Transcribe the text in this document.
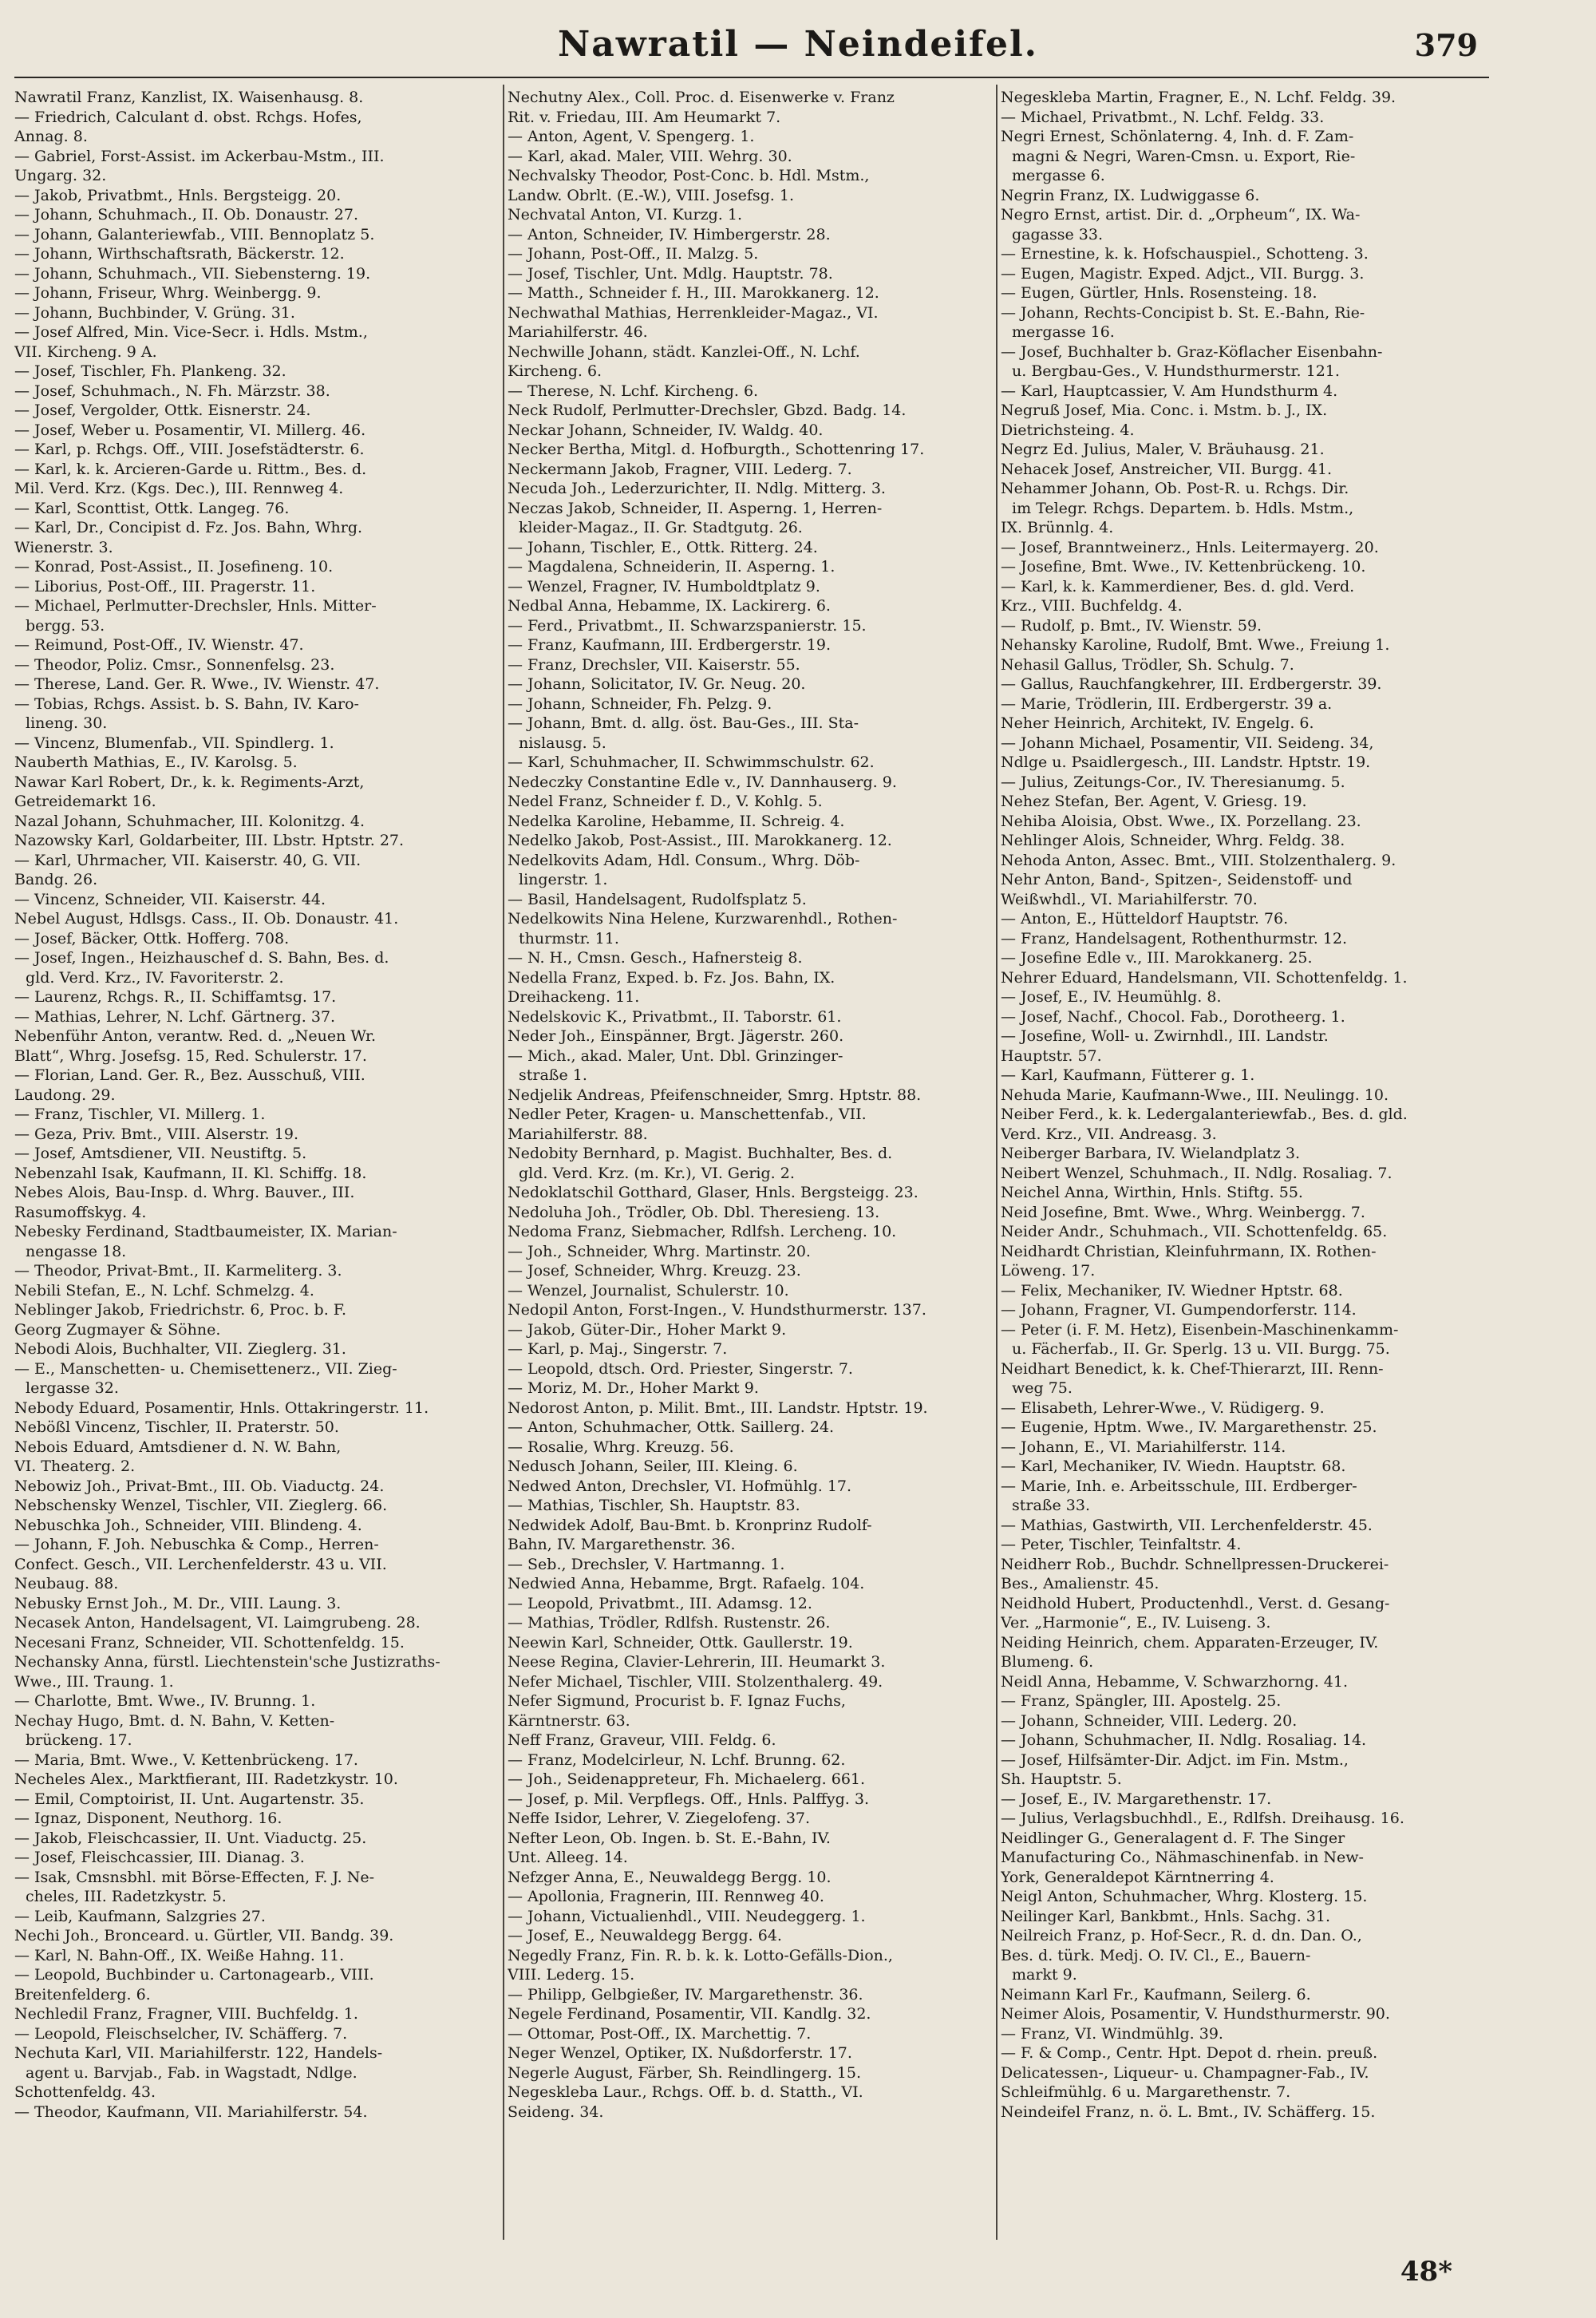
Nawratil — Neindeifel.	379

Nawratil Franz, Kanzlist, IX. Waisenhausg. 8.

— Friedrich, Calculant d. obst. Rchgs. Hofes,

Annag. 8.

— Gabriel, Forst-Assist. im Ackerbau-Mstm., III.

Ungarg. 32.

— Jakob, Privatbmt., Hnls. Bergsteigg. 20.

— Johann, Schuhmach., II. Ob. Donaustr. 27.

— Johann, Galanteriewfab., VIII. Bennoplatz 5.

— Johann, Wirthschaftsrath, Bäckerstr. 12.

— Johann, Schuhmach., VII. Siebensterng. 19.

— Johann, Friseur, Whrg. Weinbergg. 9.

— Johann, Buchbinder, V. Grüng. 31.

— Josef Alfred, Min. Vice-Secr. i. Hdls. Mstm.,

VII. Kircheng. 9 A.

— Josef, Tischler, Fh. Plankeng. 32.

— Josef, Schuhmach., N. Fh. Märzstr. 38.

— Josef, Vergolder, Ottk. Eisnerstr. 24.

— Josef, Weber u. Posamentir, VI. Millerg. 46.

— Karl, p. Rchgs. Off., VIII. Josefstädterstr. 6.

— Karl, k. k. Arcieren-Garde u. Rittm., Bes. d.

Mil. Verd. Krz. (Kgs. Dec.), III. Rennweg 4.

— Karl, Sconttist, Ottk. Langeg. 76.

— Karl, Dr., Concipist d. Fz. Jos. Bahn, Whrg.

Wienerstr. 3.

— Konrad, Post-Assist., II. Josefineng. 10.

— Liborius, Post-Off., III. Pragerstr. 11.

— Michael, Perlmutter-Drechsler, Hnls. Mitter-

bergg. 53.

— Reimund, Post-Off., IV. Wienstr. 47.

— Theodor, Poliz. Cmsr., Sonnenfelsg. 23.

— Therese, Land. Ger. R. Wwe., IV. Wienstr. 47.

— Tobias, Rchgs. Assist. b. S. Bahn, IV. Karo-

lineng. 30.

— Vincenz, Blumenfab., VII. Spindlerg. 1.

Nauberth Mathias, E., IV. Karolsg. 5.

Nawar Karl Robert, Dr., k. k. Regiments-Arzt,

Getreidemarkt 16.

Nazal Johann, Schuhmacher, III. Kolonitzg. 4.

Nazowsky Karl, Goldarbeiter, III. Lbstr. Hptstr. 27.

— Karl, Uhrmacher, VII. Kaiserstr. 40, G. VII.

Bandg. 26.

— Vincenz, Schneider, VII. Kaiserstr. 44.

Nebel August, Hdlsgs. Cass., II. Ob. Donaustr. 41.

— Josef, Bäcker, Ottk. Hofferg. 708.

— Josef, Ingen., Heizhauschef d. S. Bahn, Bes. d.

gld. Verd. Krz., IV. Favoriterstr. 2.

— Laurenz, Rchgs. R., II. Schiffamtsg. 17.

— Mathias, Lehrer, N. Lchf. Gärtnerg. 37.

Nebenführ Anton, verantw. Red. d. „Neuen Wr.

Blatt“, Whrg. Josefsg. 15, Red. Schulerstr. 17.

— Florian, Land. Ger. R., Bez. Ausschuß, VIII.

Laudong. 29.

— Franz, Tischler, VI. Millerg. 1.

— Geza, Priv. Bmt., VIII. Alserstr. 19.

— Josef, Amtsdiener, VII. Neustiftg. 5.

Nebenzahl Isak, Kaufmann, II. Kl. Schiffg. 18.

Nebes Alois, Bau-Insp. d. Whrg. Bauver., III.

Rasumoffskyg. 4.

Nebesky Ferdinand, Stadtbaumeister, IX. Marian-

nengasse 18.

— Theodor, Privat-Bmt., II. Karmeliterg. 3.

Nebili Stefan, E., N. Lchf. Schmelzg. 4.

Neblinger Jakob, Friedrichstr. 6, Proc. b. F.

Georg Zugmayer & Söhne.

Nebodi Alois, Buchhalter, VII. Zieglerg. 31.

— E., Manschetten- u. Chemisettenerz., VII. Zieg-

lergasse 32.

Nebody Eduard, Posamentir, Hnls. Ottakringerstr. 11.

Nebößl Vincenz, Tischler, II. Praterstr. 50.

Nebois Eduard, Amtsdiener d. N. W. Bahn,

VI. Theaterg. 2.

Nebowiz Joh., Privat-Bmt., III. Ob. Viaductg. 24.

Nebschensky Wenzel, Tischler, VII. Zieglerg. 66.

Nebuschka Joh., Schneider, VIII. Blindeng. 4.

— Johann, F. Joh. Nebuschka & Comp., Herren-

Confect. Gesch., VII. Lerchenfelderstr. 43 u. VII.

Neubaug. 88.

Nebusky Ernst Joh., M. Dr., VIII. Laung. 3.

Necasek Anton, Handelsagent, VI. Laimgrubeng. 28.

Necesani Franz, Schneider, VII. Schottenfeldg. 15.

Nechansky Anna, fürstl. Liechtenstein'sche Justizraths-

Wwe., III. Traung. 1.

— Charlotte, Bmt. Wwe., IV. Brunng. 1.

Nechay Hugo, Bmt. d. N. Bahn, V. Ketten-

brückeng. 17.

— Maria, Bmt. Wwe., V. Kettenbrückeng. 17.

Necheles Alex., Marktfierant, III. Radetzkystr. 10.

— Emil, Comptoirist, II. Unt. Augartenstr. 35.

— Ignaz, Disponent, Neuthorg. 16.

— Jakob, Fleischcassier, II. Unt. Viaductg. 25.

— Josef, Fleischcassier, III. Dianag. 3.

— Isak, Cmsnsbhl. mit Börse-Effecten, F. J. Ne-

cheles, III. Radetzkystr. 5.

— Leib, Kaufmann, Salzgries 27.

Nechi Joh., Bronceard. u. Gürtler, VII. Bandg. 39.

— Karl, N. Bahn-Off., IX. Weiße Hahng. 11.

— Leopold, Buchbinder u. Cartonagearb., VIII.

Breitenfelderg. 6.

Nechledil Franz, Fragner, VIII. Buchfeldg. 1.

— Leopold, Fleischselcher, IV. Schäfferg. 7.

Nechuta Karl, VII. Mariahilferstr. 122, Handels-

agent u. Barvjab., Fab. in Wagstadt, Ndlge.

Schottenfeldg. 43.

— Theodor, Kaufmann, VII. Mariahilferstr. 54.

Nechutny Alex., Coll. Proc. d. Eisenwerke v. Franz

Rit. v. Friedau, III. Am Heumarkt 7.

— Anton, Agent, V. Spengerg. 1.

— Karl, akad. Maler, VIII. Wehrg. 30.

Nechvalsky Theodor, Post-Conc. b. Hdl. Mstm.,

Landw. Obrlt. (E.-W.), VIII. Josefsg. 1.

Nechvatal Anton, VI. Kurzg. 1.

— Anton, Schneider, IV. Himbergerstr. 28.

— Johann, Post-Off., II. Malzg. 5.

— Josef, Tischler, Unt. Mdlg. Hauptstr. 78.

— Matth., Schneider f. H., III. Marokkanerg. 12.

Nechwathal Mathias, Herrenkleider-Magaz., VI.

Mariahilferstr. 46.

Nechwille Johann, städt. Kanzlei-Off., N. Lchf.

Kircheng. 6.

— Therese, N. Lchf. Kircheng. 6.

Neck Rudolf, Perlmutter-Drechsler, Gbzd. Badg. 14.

Neckar Johann, Schneider, IV. Waldg. 40.

Necker Bertha, Mitgl. d. Hofburgth., Schottenring 17.

Neckermann Jakob, Fragner, VIII. Lederg. 7.

Necuda Joh., Lederzurichter, II. Ndlg. Mitterg. 3.

Neczas Jakob, Schneider, II. Asperng. 1, Herren-

kleider-Magaz., II. Gr. Stadtgutg. 26.

— Johann, Tischler, E., Ottk. Ritterg. 24.

— Magdalena, Schneiderin, II. Asperng. 1.

— Wenzel, Fragner, IV. Humboldtplatz 9.

Nedbal Anna, Hebamme, IX. Lackirerg. 6.

— Ferd., Privatbmt., II. Schwarzspanierstr. 15.

— Franz, Kaufmann, III. Erdbergerstr. 19.

— Franz, Drechsler, VII. Kaiserstr. 55.

— Johann, Solicitator, IV. Gr. Neug. 20.

— Johann, Schneider, Fh. Pelzg. 9.

— Johann, Bmt. d. allg. öst. Bau-Ges., III. Sta-

nislausg. 5.

— Karl, Schuhmacher, II. Schwimmschulstr. 62.

Nedeczky Constantine Edle v., IV. Dannhauserg. 9.

Nedel Franz, Schneider f. D., V. Kohlg. 5.

Nedelka Karoline, Hebamme, II. Schreig. 4.

Nedelko Jakob, Post-Assist., III. Marokkanerg. 12.

Nedelkovits Adam, Hdl. Consum., Whrg. Döb-

lingerstr. 1.

— Basil, Handelsagent, Rudolfsplatz 5.

Nedelkowits Nina Helene, Kurzwarenhdl., Rothen-

thurmstr. 11.

— N. H., Cmsn. Gesch., Hafnersteig 8.

Nedella Franz, Exped. b. Fz. Jos. Bahn, IX.

Dreihackeng. 11.

Nedelskovic K., Privatbmt., II. Taborstr. 61.

Neder Joh., Einspänner, Brgt. Jägerstr. 260.

— Mich., akad. Maler, Unt. Dbl. Grinzinger-

straße 1.

Nedjelik Andreas, Pfeifenschneider, Smrg. Hptstr. 88.

Nedler Peter, Kragen- u. Manschettenfab., VII.

Mariahilferstr. 88.

Nedobity Bernhard, p. Magist. Buchhalter, Bes. d.

gld. Verd. Krz. (m. Kr.), VI. Gerig. 2.

Nedoklatschil Gotthard, Glaser, Hnls. Bergsteigg. 23.

Nedoluha Joh., Trödler, Ob. Dbl. Theresieng. 13.

Nedoma Franz, Siebmacher, Rdlfsh. Lercheng. 10.

— Joh., Schneider, Whrg. Martinstr. 20.

— Josef, Schneider, Whrg. Kreuzg. 23.

— Wenzel, Journalist, Schulerstr. 10.

Nedopil Anton, Forst-Ingen., V. Hundsthurmerstr. 137.

— Jakob, Güter-Dir., Hoher Markt 9.

— Karl, p. Maj., Singerstr. 7.

— Leopold, dtsch. Ord. Priester, Singerstr. 7.

— Moriz, M. Dr., Hoher Markt 9.

Nedorost Anton, p. Milit. Bmt., III. Landstr. Hptstr. 19.

— Anton, Schuhmacher, Ottk. Saillerg. 24.

— Rosalie, Whrg. Kreuzg. 56.

Nedusch Johann, Seiler, III. Kleing. 6.

Nedwed Anton, Drechsler, VI. Hofmühlg. 17.

— Mathias, Tischler, Sh. Hauptstr. 83.

Nedwidek Adolf, Bau-Bmt. b. Kronprinz Rudolf-

Bahn, IV. Margarethenstr. 36.

— Seb., Drechsler, V. Hartmanng. 1.

Nedwied Anna, Hebamme, Brgt. Rafaelg. 104.

— Leopold, Privatbmt., III. Adamsg. 12.

— Mathias, Trödler, Rdlfsh. Rustenstr. 26.

Neewin Karl, Schneider, Ottk. Gaullerstr. 19.

Neese Regina, Clavier-Lehrerin, III. Heumarkt 3.

Nefer Michael, Tischler, VIII. Stolzenthalerg. 49.

Nefer Sigmund, Procurist b. F. Ignaz Fuchs,

Kärntnerstr. 63.

Neff Franz, Graveur, VIII. Feldg. 6.

— Franz, Modelcirleur, N. Lchf. Brunng. 62.

— Joh., Seidenappreteur, Fh. Michaelerg. 661.

— Josef, p. Mil. Verpflegs. Off., Hnls. Palffyg. 3.

Neffe Isidor, Lehrer, V. Ziegelofeng. 37.

Nefter Leon, Ob. Ingen. b. St. E.-Bahn, IV.

Unt. Alleeg. 14.

Nefzger Anna, E., Neuwaldegg Bergg. 10.

— Apollonia, Fragnerin, III. Rennweg 40.

— Johann, Victualienhdl., VIII. Neudeggerg. 1.

— Josef, E., Neuwaldegg Bergg. 64.

Negedly Franz, Fin. R. b. k. k. Lotto-Gefälls-Dion.,

VIII. Lederg. 15.

— Philipp, Gelbgießer, IV. Margarethenstr. 36.

Negele Ferdinand, Posamentir, VII. Kandlg. 32.

— Ottomar, Post-Off., IX. Marchettig. 7.

Neger Wenzel, Optiker, IX. Nußdorferstr. 17.

Negerle August, Färber, Sh. Reindlingerg. 15.

Negeskleba Laur., Rchgs. Off. b. d. Statth., VI.

Seideng. 34.

Negeskleba Martin, Fragner, E., N. Lchf. Feldg. 39.

— Michael, Privatbmt., N. Lchf. Feldg. 33.

Negri Ernest, Schönlaterng. 4, Inh. d. F. Zam-

magni & Negri, Waren-Cmsn. u. Export, Rie-

mergasse 6.

Negrin Franz, IX. Ludwiggasse 6.

Negro Ernst, artist. Dir. d. „Orpheum“, IX. Wa-

gagasse 33.

— Ernestine, k. k. Hofschauspiel., Schotteng. 3.

— Eugen, Magistr. Exped. Adjct., VII. Burgg. 3.

— Eugen, Gürtler, Hnls. Rosensteing. 18.

— Johann, Rechts-Concipist b. St. E.-Bahn, Rie-

mergasse 16.

— Josef, Buchhalter b. Graz-Köflacher Eisenbahn-

u. Bergbau-Ges., V. Hundsthurmerstr. 121.

— Karl, Hauptcassier, V. Am Hundsthurm 4.

Negruß Josef, Mia. Conc. i. Mstm. b. J., IX.

Dietrichsteing. 4.

Negrz Ed. Julius, Maler, V. Bräuhausg. 21.

Nehacek Josef, Anstreicher, VII. Burgg. 41.

Nehammer Johann, Ob. Post-R. u. Rchgs. Dir.

im Telegr. Rchgs. Departem. b. Hdls. Mstm.,

IX. Brünnlg. 4.

— Josef, Branntweinerz., Hnls. Leitermayerg. 20.

— Josefine, Bmt. Wwe., IV. Kettenbrückeng. 10.

— Karl, k. k. Kammerdiener, Bes. d. gld. Verd.

Krz., VIII. Buchfeldg. 4.

— Rudolf, p. Bmt., IV. Wienstr. 59.

Nehansky Karoline, Rudolf, Bmt. Wwe., Freiung 1.

Nehasil Gallus, Trödler, Sh. Schulg. 7.

— Gallus, Rauchfangkehrer, III. Erdbergerstr. 39.

— Marie, Trödlerin, III. Erdbergerstr. 39 a.

Neher Heinrich, Architekt, IV. Engelg. 6.

— Johann Michael, Posamentir, VII. Seideng. 34,

Ndlge u. Psaidlergesch., III. Landstr. Hptstr. 19.

— Julius, Zeitungs-Cor., IV. Theresianumg. 5.

Nehez Stefan, Ber. Agent, V. Griesg. 19.

Nehiba Aloisia, Obst. Wwe., IX. Porzellang. 23.

Nehlinger Alois, Schneider, Whrg. Feldg. 38.

Nehoda Anton, Assec. Bmt., VIII. Stolzenthalerg. 9.

Nehr Anton, Band-, Spitzen-, Seidenstoff- und

Weißwhdl., VI. Mariahilferstr. 70.

— Anton, E., Hütteldorf Hauptstr. 76.

— Franz, Handelsagent, Rothenthurmstr. 12.

— Josefine Edle v., III. Marokkanerg. 25.

Nehrer Eduard, Handelsmann, VII. Schottenfeldg. 1.

— Josef, E., IV. Heumühlg. 8.

— Josef, Nachf., Chocol. Fab., Dorotheerg. 1.

— Josefine, Woll- u. Zwirnhdl., III. Landstr.

Hauptstr. 57.

— Karl, Kaufmann, Fütterer g. 1.

Nehuda Marie, Kaufmann-Wwe., III. Neulingg. 10.

Neiber Ferd., k. k. Ledergalanteriewfab., Bes. d. gld.

Verd. Krz., VII. Andreasg. 3.

Neiberger Barbara, IV. Wielandplatz 3.

Neibert Wenzel, Schuhmach., II. Ndlg. Rosaliag. 7.

Neichel Anna, Wirthin, Hnls. Stiftg. 55.

Neid Josefine, Bmt. Wwe., Whrg. Weinbergg. 7.

Neider Andr., Schuhmach., VII. Schottenfeldg. 65.

Neidhardt Christian, Kleinfuhrmann, IX. Rothen-

Löweng. 17.

— Felix, Mechaniker, IV. Wiedner Hptstr. 68.

— Johann, Fragner, VI. Gumpendorferstr. 114.

— Peter (i. F. M. Hetz), Eisenbein-Maschinenkamm-

u. Fächerfab., II. Gr. Sperlg. 13 u. VII. Burgg. 75.

Neidhart Benedict, k. k. Chef-Thierarzt, III. Renn-

weg 75.

— Elisabeth, Lehrer-Wwe., V. Rüdigerg. 9.

— Eugenie, Hptm. Wwe., IV. Margarethenstr. 25.

— Johann, E., VI. Mariahilferstr. 114.

— Karl, Mechaniker, IV. Wiedn. Hauptstr. 68.

— Marie, Inh. e. Arbeitsschule, III. Erdberger-

straße 33.

— Mathias, Gastwirth, VII. Lerchenfelderstr. 45.

— Peter, Tischler, Teinfaltstr. 4.

Neidherr Rob., Buchdr. Schnellpressen-Druckerei-

Bes., Amalienstr. 45.

Neidhold Hubert, Productenhdl., Verst. d. Gesang-

Ver. „Harmonie“, E., IV. Luiseng. 3.

Neiding Heinrich, chem. Apparaten-Erzeuger, IV.

Blumeng. 6.

Neidl Anna, Hebamme, V. Schwarzhorng. 41.

— Franz, Spängler, III. Apostelg. 25.

— Johann, Schneider, VIII. Lederg. 20.

— Johann, Schuhmacher, II. Ndlg. Rosaliag. 14.

— Josef, Hilfsämter-Dir. Adjct. im Fin. Mstm.,

Sh. Hauptstr. 5.

— Josef, E., IV. Margarethenstr. 17.

— Julius, Verlagsbuchhdl., E., Rdlfsh. Dreihausg. 16.

Neidlinger G., Generalagent d. F. The Singer

Manufacturing Co., Nähmaschinenfab. in New-

York, Generaldepot Kärntnerring 4.

Neigl Anton, Schuhmacher, Whrg. Klosterg. 15.

Neilinger Karl, Bankbmt., Hnls. Sachg. 31.

Neilreich Franz, p. Hof-Secr., R. d. dn. Dan. O.,

Bes. d. türk. Medj. O. IV. Cl., E., Bauern-

markt 9.

Neimann Karl Fr., Kaufmann, Seilerg. 6.

Neimer Alois, Posamentir, V. Hundsthurmerstr. 90.

— Franz, VI. Windmühlg. 39.

— F. & Comp., Centr. Hpt. Depot d. rhein. preuß.

Delicatessen-, Liqueur- u. Champagner-Fab., IV.

Schleifmühlg. 6 u. Margarethenstr. 7.

Neindeifel Franz, n. ö. L. Bmt., IV. Schäfferg. 15.

48*
